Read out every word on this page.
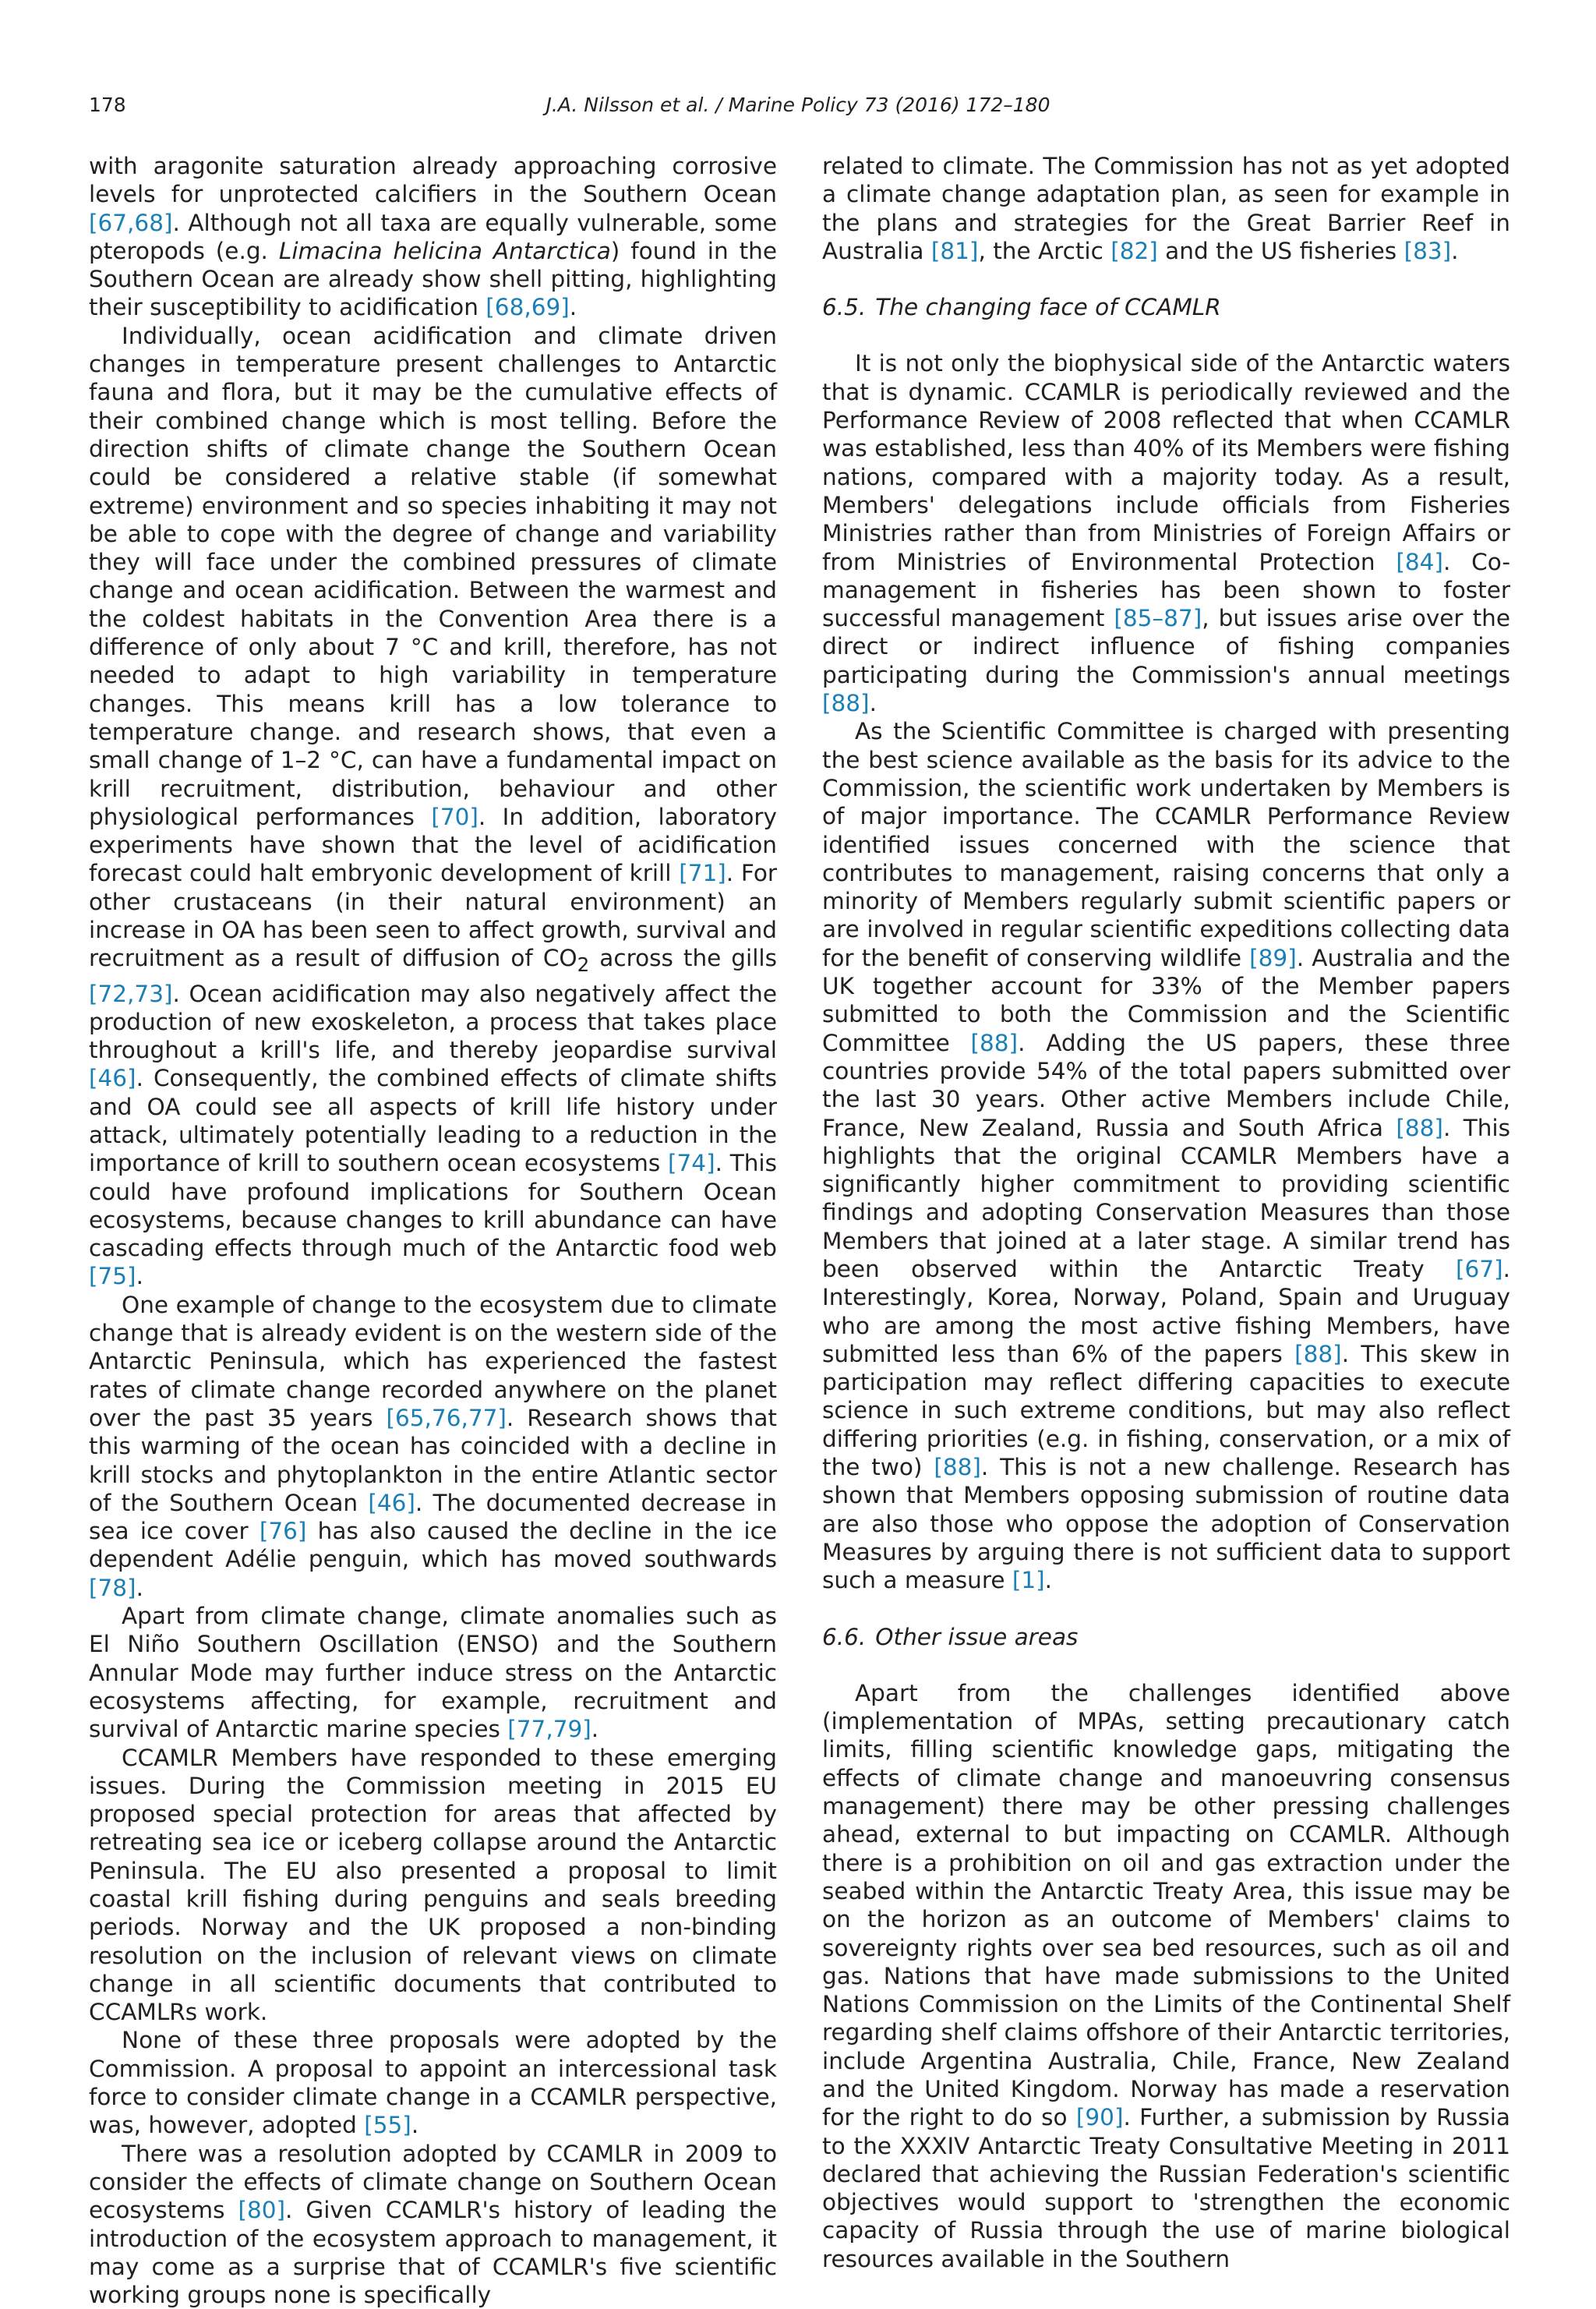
178	J.A. Nilsson et al. / Marine Policy 73 (2016) 172–180

with aragonite saturation already approaching corrosive levels for unprotected calcifiers in the Southern Ocean [67,68]. Although not all taxa are equally vulnerable, some pteropods (e.g. Limacina helicina Antarctica) found in the Southern Ocean are already show shell pitting, highlighting their susceptibility to acidification [68,69].

Individually, ocean acidification and climate driven changes in temperature present challenges to Antarctic fauna and flora, but it may be the cumulative effects of their combined change which is most telling. Before the direction shifts of climate change the Southern Ocean could be considered a relative stable (if somewhat extreme) environment and so species inhabiting it may not be able to cope with the degree of change and variability they will face under the combined pressures of climate change and ocean acidification. Between the warmest and the coldest habitats in the Convention Area there is a difference of only about 7 °C and krill, therefore, has not needed to adapt to high variability in temperature changes. This means krill has a low tolerance to temperature change. and research shows, that even a small change of 1–2 °C, can have a fundamental impact on krill recruitment, distribution, behaviour and other physiological performances [70]. In addition, laboratory experiments have shown that the level of acidification forecast could halt embryonic development of krill [71]. For other crustaceans (in their natural environment) an increase in OA has been seen to affect growth, survival and recruitment as a result of diffusion of $CO_2$ across the gills [72,73]. Ocean acidification may also negatively affect the production of new exoskeleton, a process that takes place throughout a krill's life, and thereby jeopardise survival [46]. Consequently, the combined effects of climate shifts and OA could see all aspects of krill life history under attack, ultimately potentially leading to a reduction in the importance of krill to southern ocean ecosystems [74]. This could have profound implications for Southern Ocean ecosystems, because changes to krill abundance can have cascading effects through much of the Antarctic food web [75].

One example of change to the ecosystem due to climate change that is already evident is on the western side of the Antarctic Peninsula, which has experienced the fastest rates of climate change recorded anywhere on the planet over the past 35 years [65,76,77]. Research shows that this warming of the ocean has coincided with a decline in krill stocks and phytoplankton in the entire Atlantic sector of the Southern Ocean [46]. The documented decrease in sea ice cover [76] has also caused the decline in the ice dependent Adélie penguin, which has moved southwards [78].

Apart from climate change, climate anomalies such as El Niño Southern Oscillation (ENSO) and the Southern Annular Mode may further induce stress on the Antarctic ecosystems affecting, for example, recruitment and survival of Antarctic marine species [77,79].

CCAMLR Members have responded to these emerging issues. During the Commission meeting in 2015 EU proposed special protection for areas that affected by retreating sea ice or iceberg collapse around the Antarctic Peninsula. The EU also presented a proposal to limit coastal krill fishing during penguins and seals breeding periods. Norway and the UK proposed a non-binding resolution on the inclusion of relevant views on climate change in all scientific documents that contributed to CCAMLRs work.

None of these three proposals were adopted by the Commission. A proposal to appoint an intercessional task force to consider climate change in a CCAMLR perspective, was, however, adopted [55].

There was a resolution adopted by CCAMLR in 2009 to consider the effects of climate change on Southern Ocean ecosystems [80]. Given CCAMLR's history of leading the introduction of the ecosystem approach to management, it may come as a surprise that of CCAMLR's five scientific working groups none is specifically

related to climate. The Commission has not as yet adopted a climate change adaptation plan, as seen for example in the plans and strategies for the Great Barrier Reef in Australia [81], the Arctic [82] and the US fisheries [83].

6.5. The changing face of CCAMLR

It is not only the biophysical side of the Antarctic waters that is dynamic. CCAMLR is periodically reviewed and the Performance Review of 2008 reflected that when CCAMLR was established, less than 40% of its Members were fishing nations, compared with a majority today. As a result, Members' delegations include officials from Fisheries Ministries rather than from Ministries of Foreign Affairs or from Ministries of Environmental Protection [84]. Co-management in fisheries has been shown to foster successful management [85–87], but issues arise over the direct or indirect influence of fishing companies participating during the Commission's annual meetings [88].

As the Scientific Committee is charged with presenting the best science available as the basis for its advice to the Commission, the scientific work undertaken by Members is of major importance. The CCAMLR Performance Review identified issues concerned with the science that contributes to management, raising concerns that only a minority of Members regularly submit scientific papers or are involved in regular scientific expeditions collecting data for the benefit of conserving wildlife [89]. Australia and the UK together account for 33% of the Member papers submitted to both the Commission and the Scientific Committee [88]. Adding the US papers, these three countries provide 54% of the total papers submitted over the last 30 years. Other active Members include Chile, France, New Zealand, Russia and South Africa [88]. This highlights that the original CCAMLR Members have a significantly higher commitment to providing scientific findings and adopting Conservation Measures than those Members that joined at a later stage. A similar trend has been observed within the Antarctic Treaty [67]. Interestingly, Korea, Norway, Poland, Spain and Uruguay who are among the most active fishing Members, have submitted less than 6% of the papers [88]. This skew in participation may reflect differing capacities to execute science in such extreme conditions, but may also reflect differing priorities (e.g. in fishing, conservation, or a mix of the two) [88]. This is not a new challenge. Research has shown that Members opposing submission of routine data are also those who oppose the adoption of Conservation Measures by arguing there is not sufficient data to support such a measure [1].

6.6. Other issue areas

Apart from the challenges identified above (implementation of MPAs, setting precautionary catch limits, filling scientific knowledge gaps, mitigating the effects of climate change and manoeuvring consensus management) there may be other pressing challenges ahead, external to but impacting on CCAMLR. Although there is a prohibition on oil and gas extraction under the seabed within the Antarctic Treaty Area, this issue may be on the horizon as an outcome of Members' claims to sovereignty rights over sea bed resources, such as oil and gas. Nations that have made submissions to the United Nations Commission on the Limits of the Continental Shelf regarding shelf claims offshore of their Antarctic territories, include Argentina Australia, Chile, France, New Zealand and the United Kingdom. Norway has made a reservation for the right to do so [90]. Further, a submission by Russia to the XXXIV Antarctic Treaty Consultative Meeting in 2011 declared that achieving the Russian Federation's scientific objectives would support to 'strengthen the economic capacity of Russia through the use of marine biological resources available in the Southern
